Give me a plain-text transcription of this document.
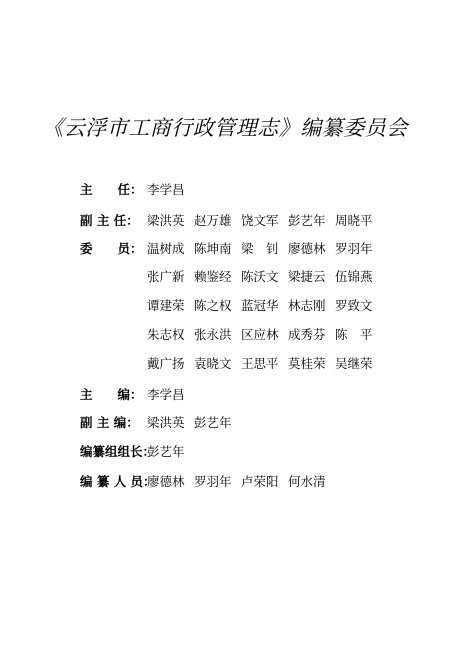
《云浮市工商行政管理志》编纂委员会
主　　任： 李学昌
副 主 任： 梁洪英 赵万雄 饶文军 彭艺年 周晓平
委　　员： 温树成 陈坤南 梁　钊 廖德林 罗羽年
张广新 赖鉴经 陈沃文 梁捷云 伍锦燕
谭建荣 陈之权 蓝冠华 林志刚 罗致文
朱志权 张永洪 区应林 成秀芬 陈　平
戴广扬 袁晓文 王思平 莫桂荣 吴继荣
主　　编： 李学昌
副 主 编： 梁洪英 彭艺年
编纂组组长：
彭艺年
编 纂 人 员：
廖德林 罗羽年 卢荣阳 何水清
